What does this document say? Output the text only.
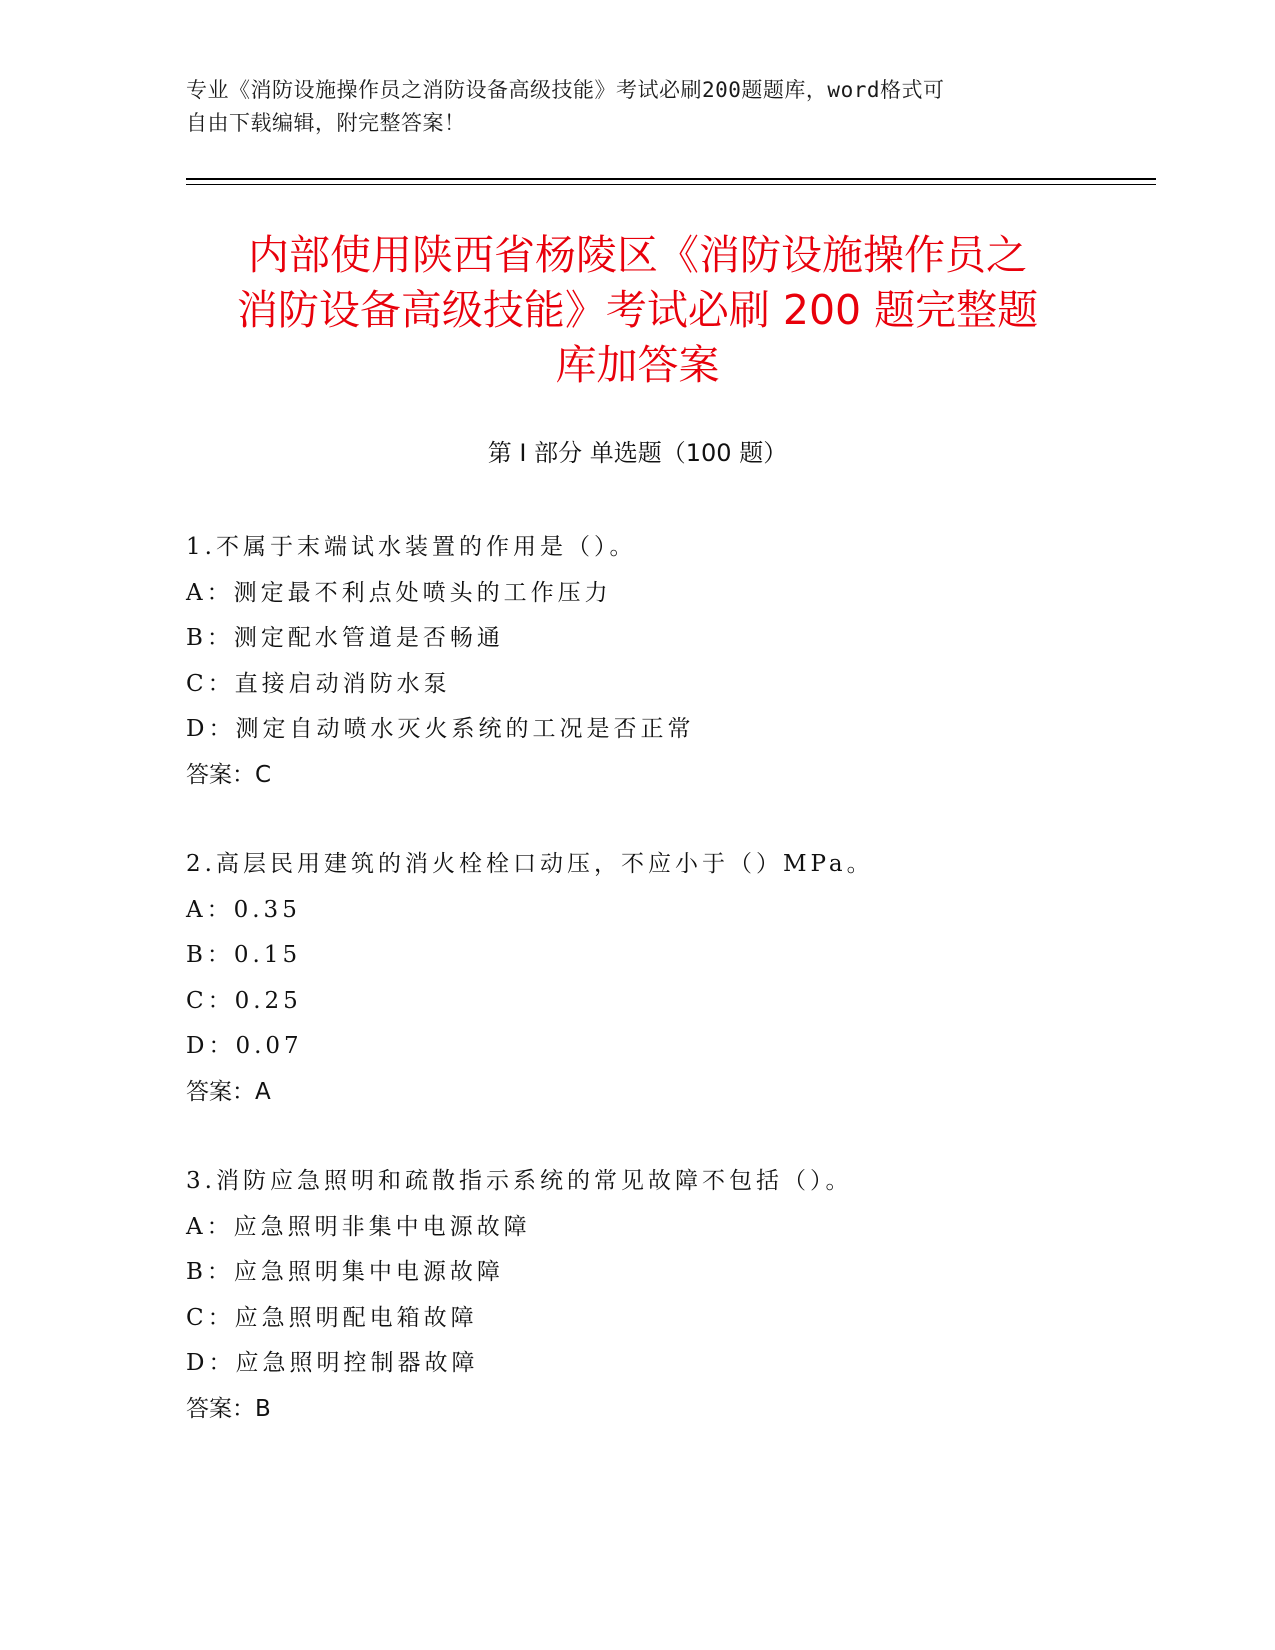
专业《消防设施操作员之消防设备高级技能》考试必刷200题题库，word格式可
自由下载编辑，附完整答案！
内部使用陕西省杨陵区《消防设施操作员之
消防设备高级技能》考试必刷 200 题完整题
库加答案
第 I 部分 单选题（100 题）
1.不属于末端试水装置的作用是（）。
A：测定最不利点处喷头的工作压力
B：测定配水管道是否畅通
C：直接启动消防水泵
D：测定自动喷水灭火系统的工况是否正常
答案：C
2.高层民用建筑的消火栓栓口动压，不应小于（）MPa。
A：0.35
B：0.15
C：0.25
D：0.07
答案：A
3.消防应急照明和疏散指示系统的常见故障不包括（）。
A：应急照明非集中电源故障
B：应急照明集中电源故障
C：应急照明配电箱故障
D：应急照明控制器故障
答案：B
